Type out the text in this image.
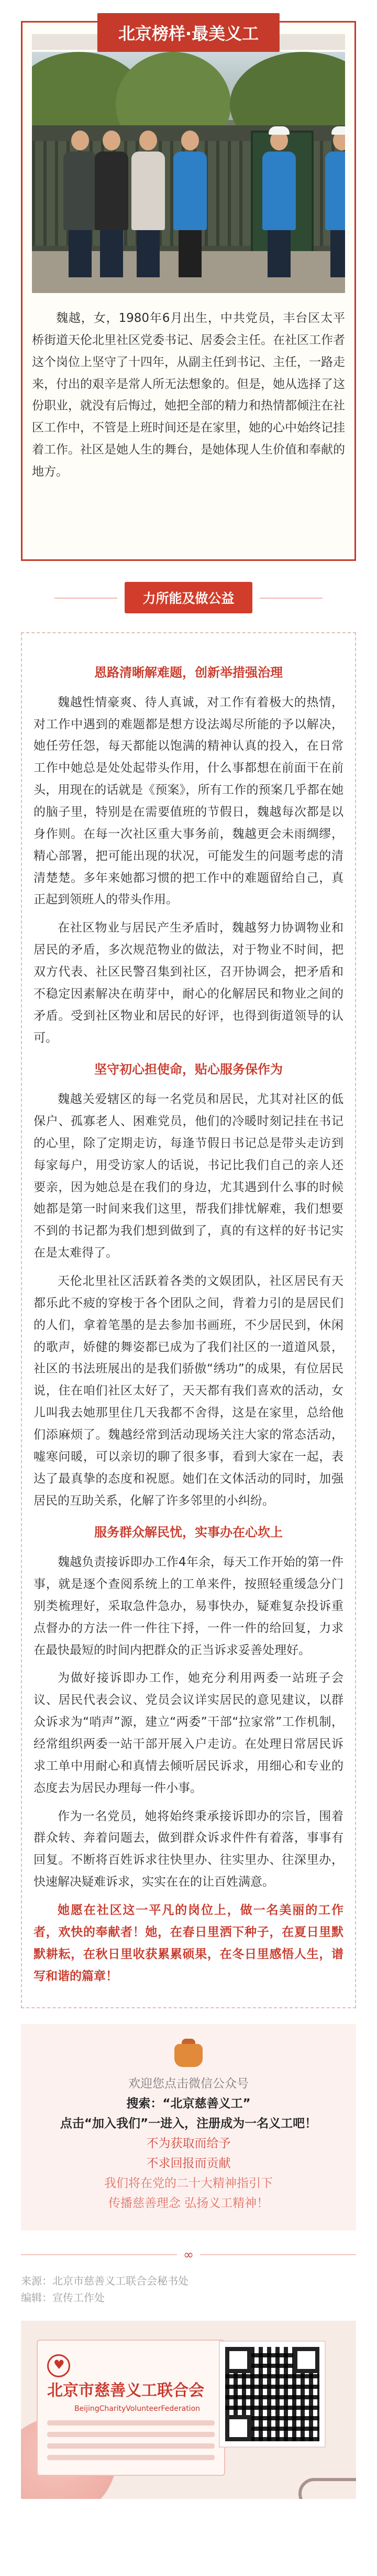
北京榜样·最美义工

魏越，女，1980年6月出生，中共党员，丰台区太平桥街道天伦北里社区党委书记、居委会主任。在社区工作者这个岗位上坚守了十四年，从副主任到书记、主任，一路走来，付出的艰辛是常人所无法想象的。但是，她从选择了这份职业，就没有后悔过，她把全部的精力和热情都倾注在社区工作中，不管是上班时间还是在家里，她的心中始终记挂着工作。社区是她人生的舞台，是她体现人生价值和奉献的地方。

力所能及做公益
恩路清晰解难题，创新举措强治理

魏越性情豪爽、待人真诚，对工作有着极大的热情，对工作中遇到的难题都是想方设法竭尽所能的予以解决，她任劳任怨，每天都能以饱满的精神认真的投入，在日常工作中她总是处处起带头作用，什么事都想在前面干在前头，用现在的话就是《预案》，所有工作的预案几乎都在她的脑子里，特别是在需要值班的节假日，魏越每次都是以身作则。在每一次社区重大事务前，魏越更会未雨绸缪，精心部署，把可能出现的状况，可能发生的问题考虑的清清楚楚。多年来她都习惯的把工作中的难题留给自己，真正起到领班人的带头作用。

在社区物业与居民产生矛盾时，魏越努力协调物业和居民的矛盾，多次规范物业的做法，对于物业不时间，把双方代表、社区民警召集到社区，召开协调会，把矛盾和不稳定因素解决在萌芽中，耐心的化解居民和物业之间的矛盾。受到社区物业和居民的好评，也得到街道领导的认可。

坚守初心担使命，贴心服务保作为

魏越关爱辖区的每一名党员和居民，尤其对社区的低保户、孤寡老人、困难党员，他们的冷暖时刻记挂在书记的心里，除了定期走访，每逢节假日书记总是带头走访到每家每户，用受访家人的话说，书记比我们自己的亲人还要亲，因为她总是在我们的身边，尤其遇到什么事的时候她都是第一时间来我们这里，帮我们排忧解难，我们想要不到的书记都为我们想到做到了，真的有这样的好书记实在是太难得了。

天伦北里社区活跃着各类的文娱团队，社区居民有天都乐此不疲的穿梭于各个团队之间，背着力引的是居民们的人们，拿着笔墨的是去参加书画班，不少居民到，休闲的歌声，娇健的舞姿都已成为了我们社区的一道道风景，社区的书法班展出的是我们骄傲“绣功”的成果，有位居民说，住在咱们社区太好了，天天都有我们喜欢的活动，女儿叫我去她那里住几天我都不舍得，这是在家里，总给他们添麻烦了。魏越经常到活动现场关注大家的常态活动，嘘寒问暖，可以亲切的聊了很多事，看到大家在一起，表达了最真挚的态度和祝愿。她们在文体活动的同时，加强居民的互助关系，化解了许多邻里的小纠纷。

服务群众解民忧，实事办在心坎上

魏越负责接诉即办工作4年余，每天工作开始的第一件事，就是逐个查阅系统上的工单来件，按照轻重缓急分门别类梳理好，采取急件急办，易事快办，疑难复杂投诉重点督办的方法一件一件往下捋，一件一件的给回复，力求在最快最短的时间内把群众的正当诉求妥善处理好。

为做好接诉即办工作，她充分利用两委一站班子会议、居民代表会议、党员会议详实居民的意见建议，以群众诉求为“哨声”源，建立“两委”干部“拉家常”工作机制，经常组织两委一站干部开展入户走访。在处理日常居民诉求工单中用耐心和真情去倾听居民诉求，用细心和专业的态度去为居民办理每一件小事。

作为一名党员，她将始终秉承接诉即办的宗旨，围着群众转、奔着问题去，做到群众诉求件件有着落，事事有回复。不断将百姓诉求往快里办、往实里办、往深里办，快速解决疑难诉求，实实在在的让百姓满意。

她愿在社区这一平凡的岗位上，做一名美丽的工作者，欢快的奉献者！她，在春日里洒下种子，在夏日里默默耕耘，在秋日里收获累累硕果，在冬日里感悟人生，谱写和谐的篇章！

欢迎您点击微信公众号
搜索：“北京慈善义工”
点击“加入我们”一进入，注册成为一名义工吧！
不为获取而给予
不求回报而贡献
我们将在党的二十大精神指引下
传播慈善理念 弘扬义工精神！
∞
来源：北京市慈善义工联合会秘书处
编辑：宣传工作处
♥ 北京市慈善义工联合会
BeijingCharityVolunteerFederation
